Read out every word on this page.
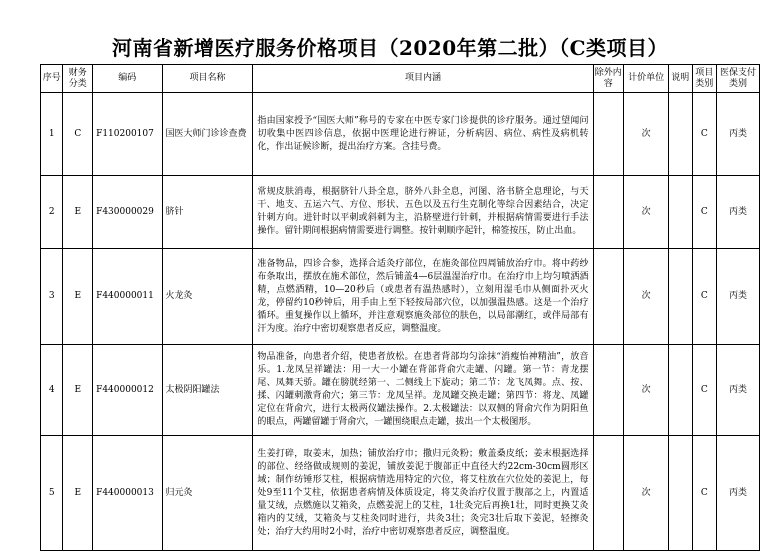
河南省新增医疗服务价格项目（2020年第二批）（C类项目）
序号	财务分类	编码	项目名称	项目内涵	除外内容	计价单位	说明	项目类别	医保支付类别
1	C	F110200107	国医大师门诊诊查费	指由国家授予“国医大师”称号的专家在中医专家门诊提供的诊疗服务。通过望闻问切收集中医四诊信息，依据中医理论进行辨证，分析病因、病位、病性及病机转化，作出证候诊断，提出治疗方案。含挂号费。		次		C	丙类
2	E	F430000029	脐针	常规皮肤消毒，根据脐针八卦全息，脐外八卦全息，河图、洛书脐全息理论，与天干、地支、五运六气、方位、形状、五色以及五行生克制化等综合因素结合，决定针刺方向。进针时以平刺或斜刺为主，沿脐壁进行针刺，并根据病情需要进行手法操作。留针期间根据病情需要进行调整。按针刺顺序起针，棉签按压，防止出血。		次		C	丙类
3	E	F440000011	火龙灸	准备物品，四诊合参，选择合适灸疗部位，在施灸部位四周铺放治疗巾。将中药纱布条取出，摆放在施术部位，然后铺盖4—6层温湿治疗巾。在治疗巾上均匀喷洒酒精，点燃酒精，10—20秒后（或患者有温热感时），立刻用湿毛巾从侧面扑灭火龙，停留约10秒钟后，用手由上至下轻按局部穴位，以加强温热感。这是一个治疗循环。重复操作以上循环，并注意观察施灸部位的肤色，以局部潮红，或伴局部有汗为度。治疗中密切观察患者反应，调整温度。		次		C	丙类
4	E	F440000012	太极阴阳罐法	物品准备，向患者介绍，使患者放松。在患者背部均匀涂抹“消瘦怡神精油”，放音乐。1.龙凤呈祥罐法：用一大一小罐在背部背俞穴走罐、闪罐。第一节：青龙摆尾、凤舞天骄。罐在膀胱经第一、二侧线上下旋动；第二节：龙飞凤舞。点、按、揉、闪罐刺激背俞穴；第三节：龙凤呈祥。龙凤罐交换走罐；第四节：将龙、凤罐定位在背俞穴，进行太极两仪罐法操作。2.太极罐法：以双侧的肾俞穴作为阴阳鱼的眼点，两罐留罐于肾俞穴，一罐围绕眼点走罐，拔出一个太极图形。		次		C	丙类
5	E	F440000013	归元灸	生姜打碎，取姜末，加热；铺放治疗巾；撒归元灸粉；敷盖桑皮纸；姜末根据选择的部位、经络做成规则的姜泥，铺放姜泥于腹部正中直径大约22cm-30cm圆形区域；制作纺锤形艾柱，根据病情选用特定的穴位，将艾柱放在穴位处的姜泥上，每处9至11个艾柱，依据患者病情及体质设定，将艾灸治疗仪置于腹部之上，内置适量艾绒，点燃施以艾箱灸，点燃姜泥上的艾柱，1壮灸完后再换1壮，同时更换艾灸箱内的艾绒，艾箱灸与艾柱灸同时进行，共灸3壮；灸完3壮后取下姜泥，轻擦灸处；治疗大约用时2小时，治疗中密切观察患者反应，调整温度。		次		C	丙类
